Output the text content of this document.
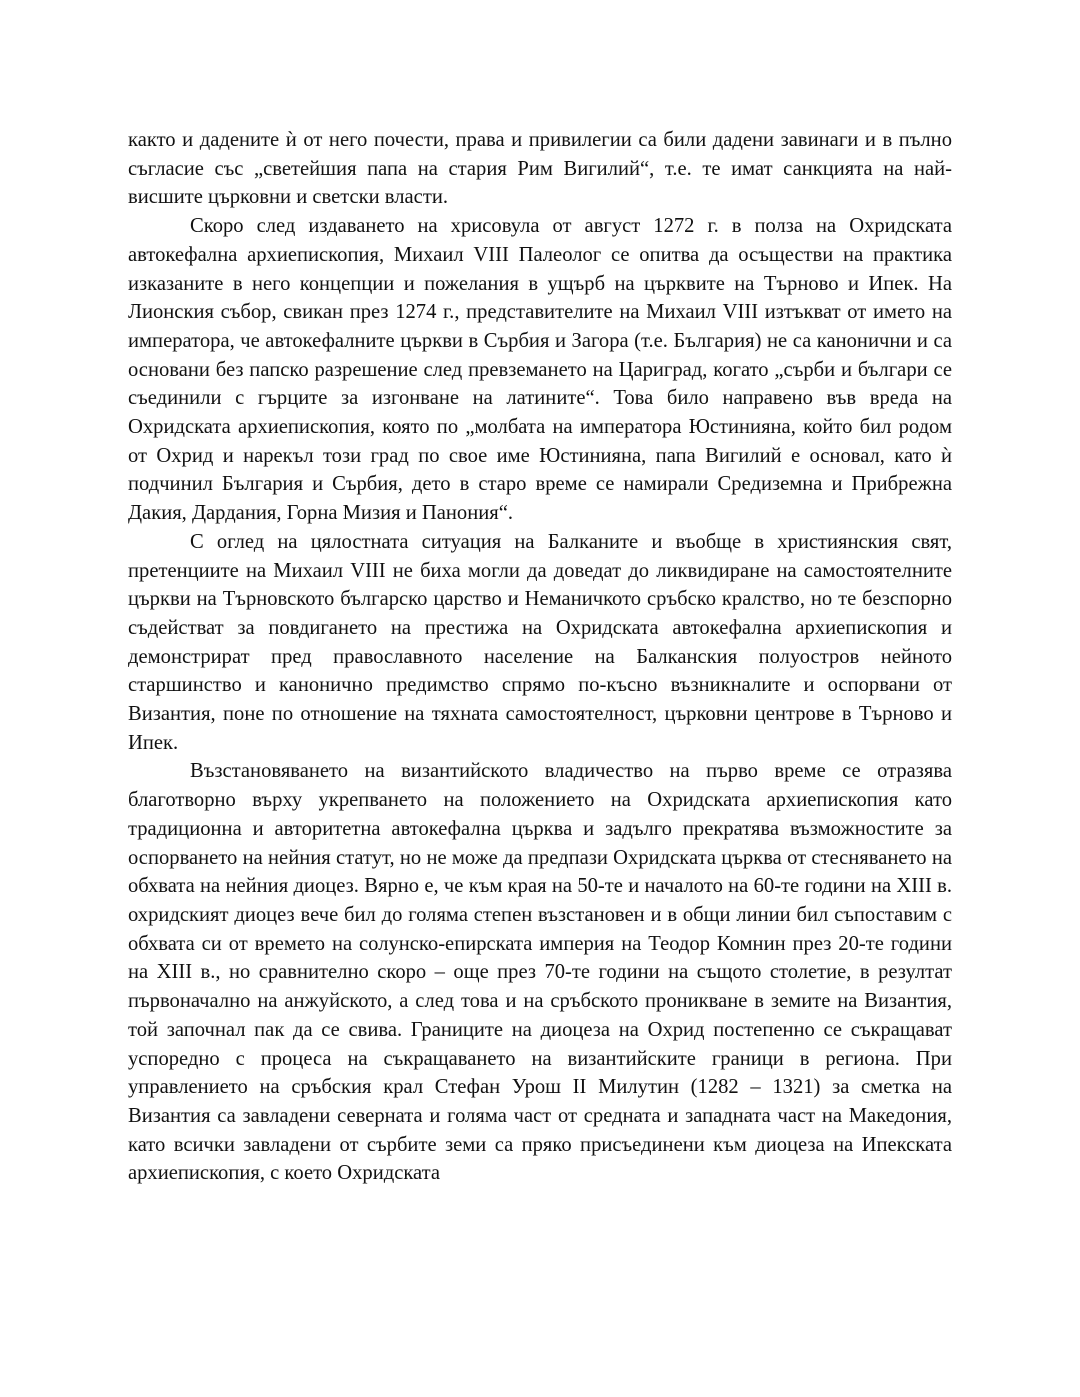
както и дадените ѝ от него почести, права и привилегии са били дадени завинаги и в пълно съгласие със „светейшия папа на стария Рим Вигилий“, т.е. те имат санкцията на най-висшите църковни и светски власти.

Скоро след издаването на хрисовула от август 1272 г. в полза на Охридската автокефална архиепископия, Михаил VIII Палеолог се опитва да осъществи на практика изказаните в него концепции и пожелания в ущърб на църквите на Търново и Ипек. На Лионския събор, свикан през 1274 г., представителите на Михаил VIII изтъкват от името на императора, че автокефалните църкви в Сърбия и Загора (т.е. България) не са канонични и са основани без папско разрешение след превземането на Цариград, когато „сърби и българи се съединили с гърците за изгонване на латините“. Това било направено във вреда на Охридската архиепископия, която по „молбата на императора Юстинияна, който бил родом от Охрид и нарекъл този град по свое име Юстинияна, папа Вигилий е основал, като ѝ подчинил България и Сърбия, дето в старо време се намирали Средиземна и Прибрежна Дакия, Дардания, Горна Мизия и Панония“.

С оглед на цялостната ситуация на Балканите и въобще в християнския свят, претенциите на Михаил VIII не биха могли да доведат до ликвидиране на самостоятелните църкви на Търновското българско царство и Неманичкото сръбско кралство, но те безспорно съдействат за повдигането на престижа на Охридската автокефална архиепископия и демонстрират пред православното население на Балканския полуостров нейното старшинство и канонично предимство спрямо по-късно възникналите и оспорвани от Византия, поне по отношение на тяхната самостоятелност, църковни центрове в Търново и Ипек.

Възстановяването на византийското владичество на първо време се отразява благотворно върху укрепването на положението на Охридската архиепископия като традиционна и авторитетна автокефална църква и задълго прекратява възможностите за оспорването на нейния статут, но не може да предпази Охридската църква от стесняването на обхвата на нейния диоцез. Вярно е, че към края на 50-те и началото на 60-те години на XIII в. охридският диоцез вече бил до голяма степен възстановен и в общи линии бил съпоставим с обхвата си от времето на солунско-епирската империя на Теодор Комнин през 20-те години на XIII в., но сравнително скоро – още през 70-те години на същото столетие, в резултат първоначално на анжуйското, а след това и на сръбското проникване в земите на Византия, той започнал пак да се свива. Границите на диоцеза на Охрид постепенно се съкращават успоредно с процеса на съкращаването на византийските граници в региона. При управлението на сръбския крал Стефан Урош II Милутин (1282 – 1321) за сметка на Византия са завладени северната и голяма част от средната и западната част на Македония, като всички завладени от сърбите земи са пряко присъединени към диоцеза на Ипекската архиепископия, с което Охридската
